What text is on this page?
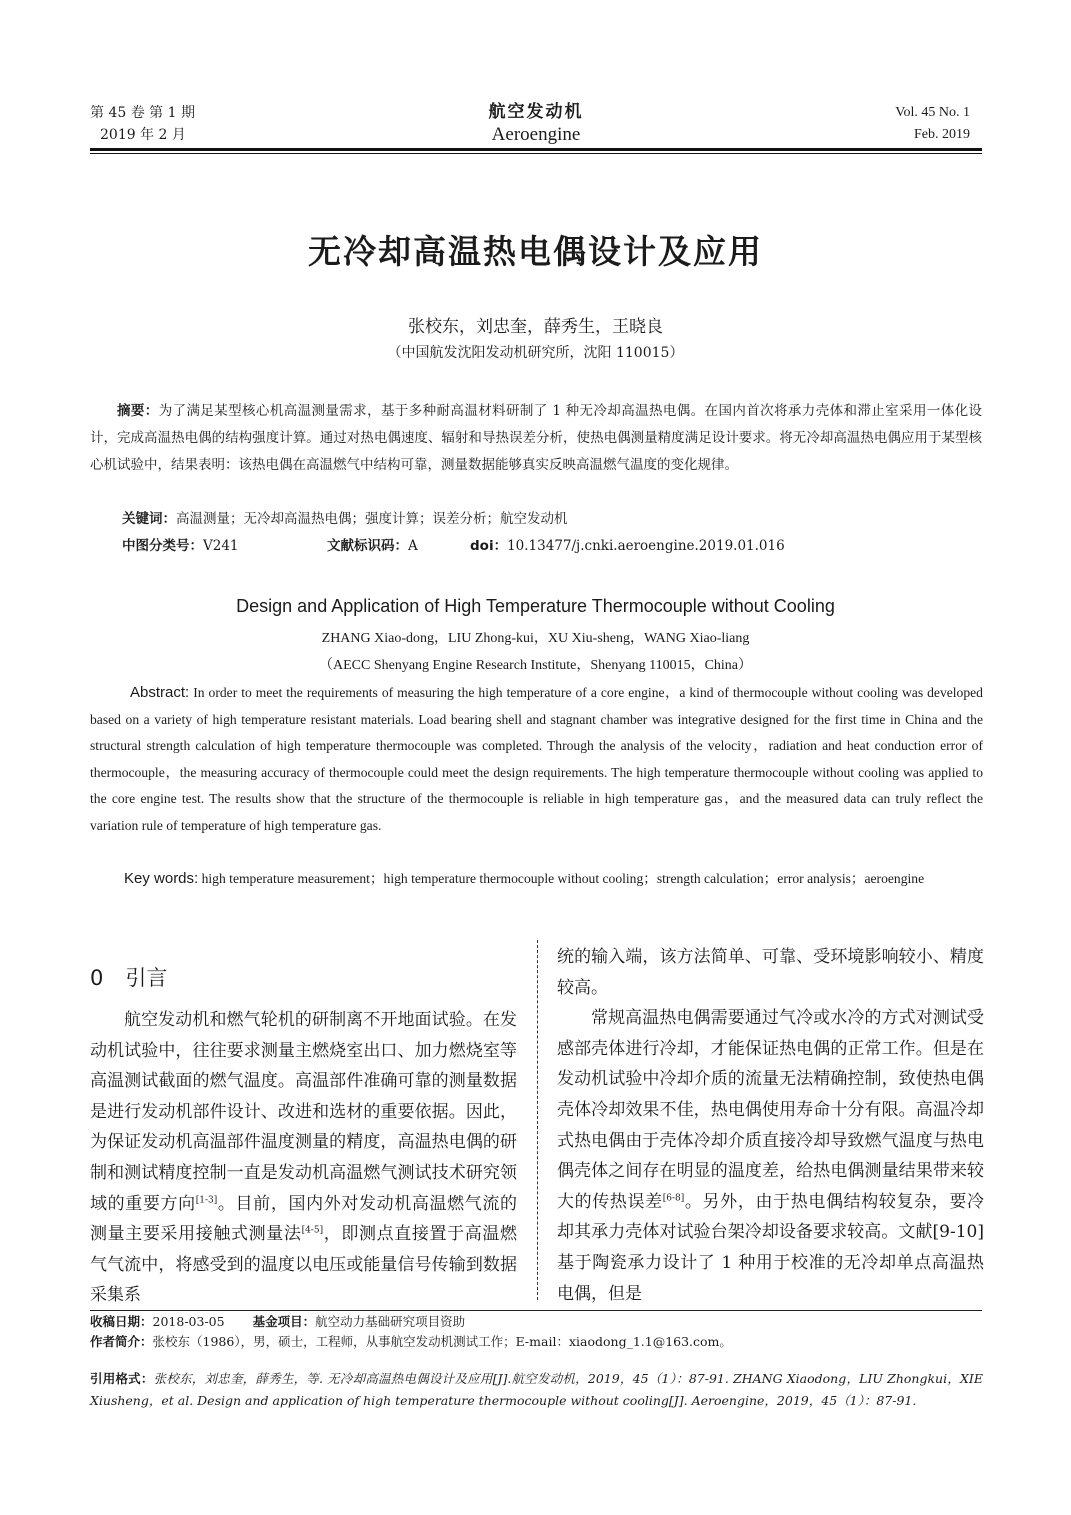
第 45 卷 第 1 期
2019 年 2 月
航空发动机
Aeroengine
Vol. 45 No. 1
Feb. 2019
无冷却高温热电偶设计及应用
张校东，刘忠奎，薛秀生，王晓良
（中国航发沈阳发动机研究所，沈阳 110015）
摘要：为了满足某型核心机高温测量需求，基于多种耐高温材料研制了 1 种无冷却高温热电偶。在国内首次将承力壳体和滞止室采用一体化设计，完成高温热电偶的结构强度计算。通过对热电偶速度、辐射和导热误差分析，使热电偶测量精度满足设计要求。将无冷却高温热电偶应用于某型核心机试验中，结果表明：该热电偶在高温燃气中结构可靠，测量数据能够真实反映高温燃气温度的变化规律。
关键词：高温测量；无冷却高温热电偶；强度计算；误差分析；航空发动机
中图分类号：V241	文献标识码：A	doi：10.13477/j.cnki.aeroengine.2019.01.016
Design and Application of High Temperature Thermocouple without Cooling
ZHANG Xiao-dong，LIU Zhong-kui，XU Xiu-sheng，WANG Xiao-liang
（AECC Shenyang Engine Research Institute，Shenyang 110015，China）
Abstract: In order to meet the requirements of measuring the high temperature of a core engine，a kind of thermocouple without cooling was developed based on a variety of high temperature resistant materials. Load bearing shell and stagnant chamber was integrative designed for the first time in China and the structural strength calculation of high temperature thermocouple was completed. Through the analysis of the velocity，radiation and heat conduction error of thermocouple，the measuring accuracy of thermocouple could meet the design requirements. The high temperature thermocouple without cooling was applied to the core engine test. The results show that the structure of the thermocouple is reliable in high temperature gas，and the measured data can truly reflect the variation rule of temperature of high temperature gas.
Key words: high temperature measurement；high temperature thermocouple without cooling；strength calculation；error analysis；aeroengine
0 引言

航空发动机和燃气轮机的研制离不开地面试验。在发动机试验中，往往要求测量主燃烧室出口、加力燃烧室等高温测试截面的燃气温度。高温部件准确可靠的测量数据是进行发动机部件设计、改进和选材的重要依据。因此，为保证发动机高温部件温度测量的精度，高温热电偶的研制和测试精度控制一直是发动机高温燃气测试技术研究领域的重要方向[1-3]。目前，国内外对发动机高温燃气流的测量主要采用接触式测量法[4-5]，即测点直接置于高温燃气气流中，将感受到的温度以电压或能量信号传输到数据采集系

统的输入端，该方法简单、可靠、受环境影响较小、精度较高。

常规高温热电偶需要通过气冷或水冷的方式对测试受感部壳体进行冷却，才能保证热电偶的正常工作。但是在发动机试验中冷却介质的流量无法精确控制，致使热电偶壳体冷却效果不佳，热电偶使用寿命十分有限。高温冷却式热电偶由于壳体冷却介质直接冷却导致燃气温度与热电偶壳体之间存在明显的温度差，给热电偶测量结果带来较大的传热误差[6-8]。另外，由于热电偶结构较复杂，要冷却其承力壳体对试验台架冷却设备要求较高。文献[9-10]基于陶瓷承力设计了 1 种用于校准的无冷却单点高温热电偶，但是

收稿日期：2018-03-05 基金项目：航空动力基础研究项目资助
作者简介：张校东（1986），男，硕士，工程师，从事航空发动机测试工作；E-mail：xiaodong_1.1@163.com。
引用格式：张校东，刘忠奎，薛秀生，等. 无冷却高温热电偶设计及应用[J].航空发动机，2019，45（1）：87-91. ZHANG Xiaodong，LIU Zhongkui，XIE Xiusheng，et al. Design and application of high temperature thermocouple without cooling[J]. Aeroengine，2019，45（1）：87-91.
